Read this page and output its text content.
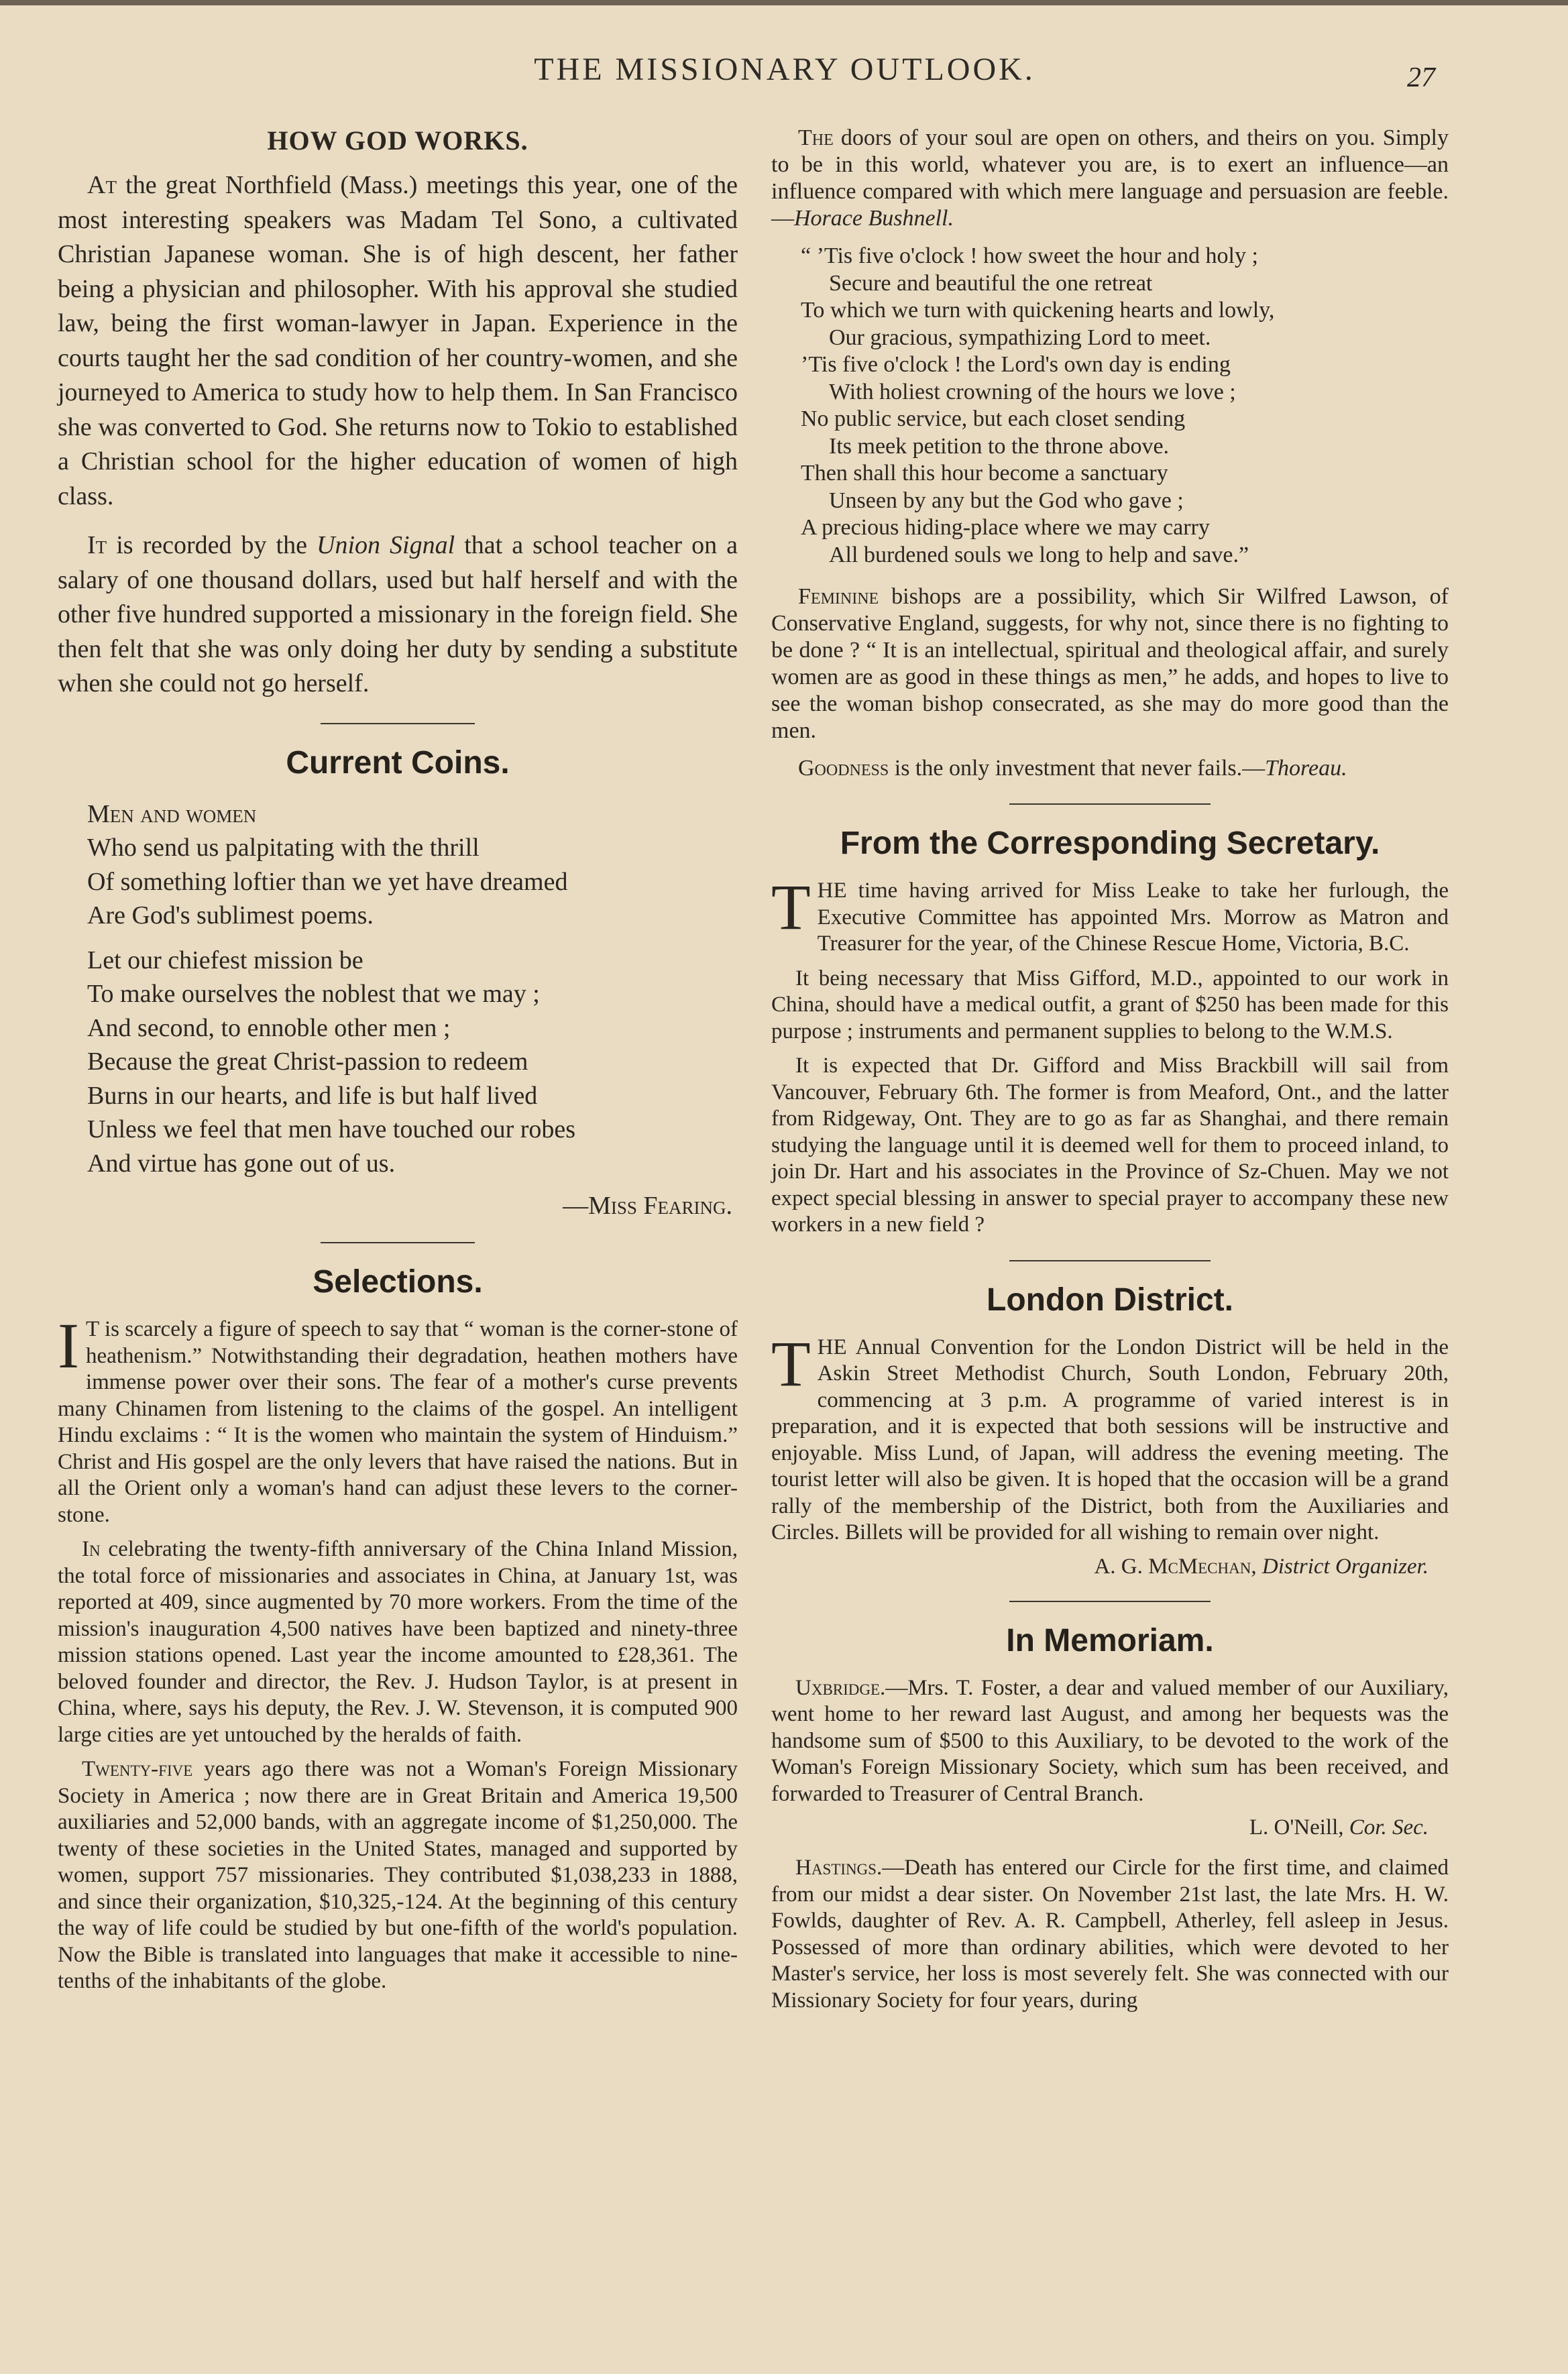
THE MISSIONARY OUTLOOK.	27
HOW GOD WORKS.

At the great Northfield (Mass.) meetings this year, one of the most interesting speakers was Madam Tel Sono, a cultivated Christian Japanese woman. She is of high descent, her father being a physician and philosopher. With his approval she studied law, being the first woman-lawyer in Japan. Experience in the courts taught her the sad condition of her country-women, and she journeyed to America to study how to help them. In San Francisco she was converted to God. She returns now to Tokio to established a Christian school for the higher education of women of high class.

It is recorded by the Union Signal that a school teacher on a salary of one thousand dollars, used but half herself and with the other five hundred supported a missionary in the foreign field. She then felt that she was only doing her duty by sending a substitute when she could not go herself.

Current Coins.
Men and women
Who send us palpitating with the thrill
Of something loftier than we yet have dreamed
Are God's sublimest poems.
Let our chiefest mission be
To make ourselves the noblest that we may ;
And second, to ennoble other men ;
Because the great Christ-passion to redeem
Burns in our hearts, and life is but half lived
Unless we feel that men have touched our robes
And virtue has gone out of us.
—Miss Fearing.
Selections.

I T is scarcely a figure of speech to say that “ woman is the corner-stone of heathenism.” Notwithstanding their degradation, heathen mothers have immense power over their sons. The fear of a mother's curse prevents many Chinamen from listening to the claims of the gospel. An intelligent Hindu exclaims : “ It is the women who maintain the system of Hinduism.” Christ and His gospel are the only levers that have raised the nations. But in all the Orient only a woman's hand can adjust these levers to the corner-stone.

In celebrating the twenty-fifth anniversary of the China Inland Mission, the total force of missionaries and associates in China, at January 1st, was reported at 409, since augmented by 70 more workers. From the time of the mission's inauguration 4,500 natives have been baptized and ninety-three mission stations opened. Last year the income amounted to £28,361. The beloved founder and director, the Rev. J. Hudson Taylor, is at present in China, where, says his deputy, the Rev. J. W. Stevenson, it is computed 900 large cities are yet untouched by the heralds of faith.

Twenty-five years ago there was not a Woman's Foreign Missionary Society in America ; now there are in Great Britain and America 19,500 auxiliaries and 52,000 bands, with an aggregate income of $1,250,000. The twenty of these societies in the United States, managed and supported by women, support 757 missionaries. They contributed $1,038,233 in 1888, and since their organization, $10,325,-124. At the beginning of this century the way of life could be studied by but one-fifth of the world's population. Now the Bible is translated into languages that make it accessible to nine-tenths of the inhabitants of the globe.

The doors of your soul are open on others, and theirs on you. Simply to be in this world, whatever you are, is to exert an influence—an influence compared with which mere language and persuasion are feeble.—Horace Bushnell.

“ ’Tis five o'clock ! how sweet the hour and holy ;
Secure and beautiful the one retreat
To which we turn with quickening hearts and lowly,
Our gracious, sympathizing Lord to meet.
’Tis five o'clock ! the Lord's own day is ending
With holiest crowning of the hours we love ;
No public service, but each closet sending
Its meek petition to the throne above.
Then shall this hour become a sanctuary
Unseen by any but the God who gave ;
A precious hiding-place where we may carry
All burdened souls we long to help and save.”

Feminine bishops are a possibility, which Sir Wilfred Lawson, of Conservative England, suggests, for why not, since there is no fighting to be done ? “ It is an intellectual, spiritual and theological affair, and surely women are as good in these things as men,” he adds, and hopes to live to see the woman bishop consecrated, as she may do more good than the men.

Goodness is the only investment that never fails.—Thoreau.

From the Corresponding Secretary.

THE time having arrived for Miss Leake to take her furlough, the Executive Committee has appointed Mrs. Morrow as Matron and Treasurer for the year, of the Chinese Rescue Home, Victoria, B.C.

It being necessary that Miss Gifford, M.D., appointed to our work in China, should have a medical outfit, a grant of $250 has been made for this purpose ; instruments and permanent supplies to belong to the W.M.S.

It is expected that Dr. Gifford and Miss Brackbill will sail from Vancouver, February 6th. The former is from Meaford, Ont., and the latter from Ridgeway, Ont. They are to go as far as Shanghai, and there remain studying the language until it is deemed well for them to proceed inland, to join Dr. Hart and his associates in the Province of Sz-Chuen. May we not expect special blessing in answer to special prayer to accompany these new workers in a new field ?

London District.

THE Annual Convention for the London District will be held in the Askin Street Methodist Church, South London, February 20th, commencing at 3 p.m. A programme of varied interest is in preparation, and it is expected that both sessions will be instructive and enjoyable. Miss Lund, of Japan, will address the evening meeting. The tourist letter will also be given. It is hoped that the occasion will be a grand rally of the membership of the District, both from the Auxiliaries and Circles. Billets will be provided for all wishing to remain over night.

A. G. McMechan,
District Organizer.
In Memoriam.

Uxbridge.—Mrs. T. Foster, a dear and valued member of our Auxiliary, went home to her reward last August, and among her bequests was the handsome sum of $500 to this Auxiliary, to be devoted to the work of the Woman's Foreign Missionary Society, which sum has been received, and forwarded to Treasurer of Central Branch.

L. O'Neill,
Cor. Sec.

Hastings.—Death has entered our Circle for the first time, and claimed from our midst a dear sister. On November 21st last, the late Mrs. H. W. Fowlds, daughter of Rev. A. R. Campbell, Atherley, fell asleep in Jesus. Possessed of more than ordinary abilities, which were devoted to her Master's service, her loss is most severely felt. She was connected with our Missionary Society for four years, during
